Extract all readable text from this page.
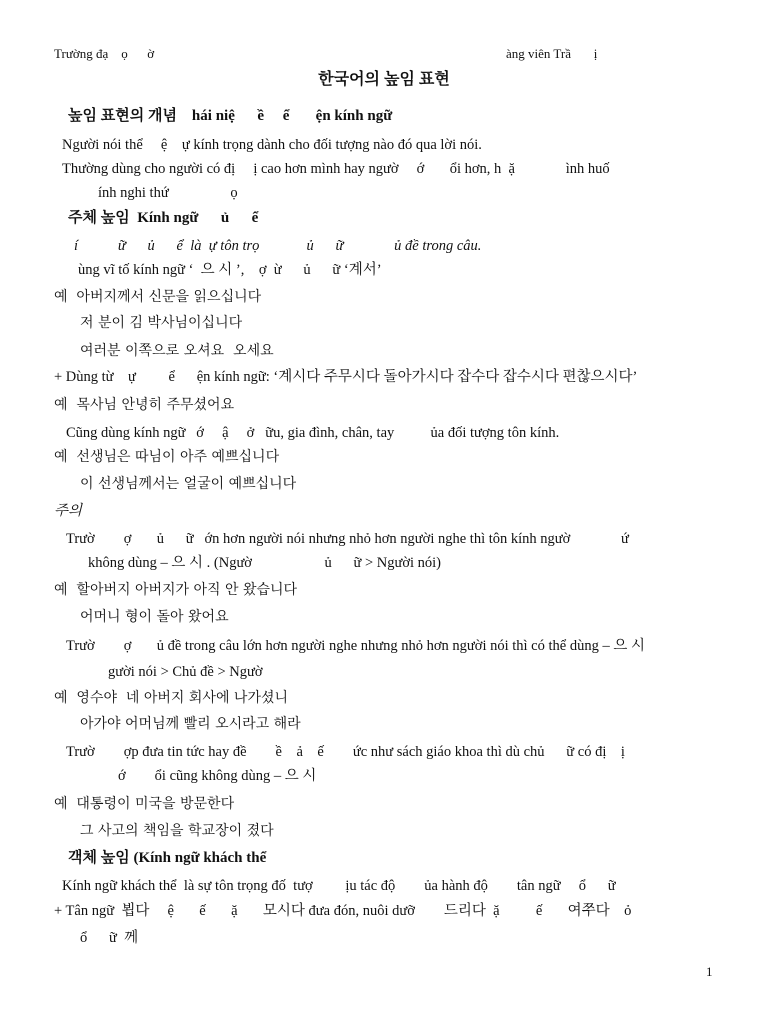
Trường đạ    ọ      ờ	àng viên Trầ       ị
한국어의 높임 표현
높임 표현의 개념    hái niệ      ề     ể       ện kính ngữ
Người nói thể     ệ    ự kính trọng dành cho đối tượng nào đó qua lời nói.
Thường dùng cho người có đị     ị cao hơn mình hay ngườ     ớ       ổi hơn, h  ặ              ình huố
ính nghi thứ                 ọ
주체 높임  Kính ngữ      ủ      ể
í           ữ      ủ      ể  là  ự tôn trọ             ủ      ữ              ủ đề trong câu.
ùng vĩ tố kính ngữ ‘  으 시 ’,    ợ  ừ      ủ      ữ ‘계서’
예  아버지께서 신문을 읽으십니다
저 분이 김 박사님이십니다
여러분 이쪽으로 오셔요  오세요
+ Dùng từ    ự         ể      ện kính ngữ: ‘계시다 주무시다 돌아가시다 잡수다 잡수시다 편찮으시다’
예  목사님 안녕히 주무셨어요
Cũng dùng kính ngữ   ớ     ậ     ở   ữu, gia đình, chân, tay          ủa đối tượng tôn kính.
예  선생님은 따님이 아주 예쁘십니다
이 선생님께서는 얼굴이 예쁘십니다
주의
Trườ        ợ       ủ      ữ   ớn hơn người nói nhưng nhỏ hơn người nghe thì tôn kính ngườ              ứ
không dùng – 으 시 . (Ngườ                    ủ      ữ > Người nói)
예  할아버지 아버지가 아직 안 왔습니다
어머니 형이 돌아 왔어요
Trườ        ợ       ủ đề trong câu lớn hơn người nghe nhưng nhỏ hơn người nói thì có thể dùng – 으 시
gười nói > Chủ đề > Ngườ
예  영수야  네 아버지 회사에 나가셨니
아가야 어머님께 빨리 오시라고 해라
Trườ        ợp đưa tin tức hay đề        ề    ả    ế        ức như sách giáo khoa thì dù chủ      ữ có đị    ị
ớ        ổi cũng không dùng – 으 시
예  대통령이 미국을 방문한다
그 사고의 책임을 학교장이 졌다
객체 높임 (Kính ngữ khách thể
Kính ngữ khách thể  là sự tôn trọng đố  tượ         ịu tác độ        ủa hành độ        tân ngữ     ổ      ữ
+ Tân ngữ  뵙다     ệ       ế       ặ       모시다 đưa đón, nuôi dưỡ        드리다  ặ          ế       여쭈다    ỏ
ổ      ữ  께
1
